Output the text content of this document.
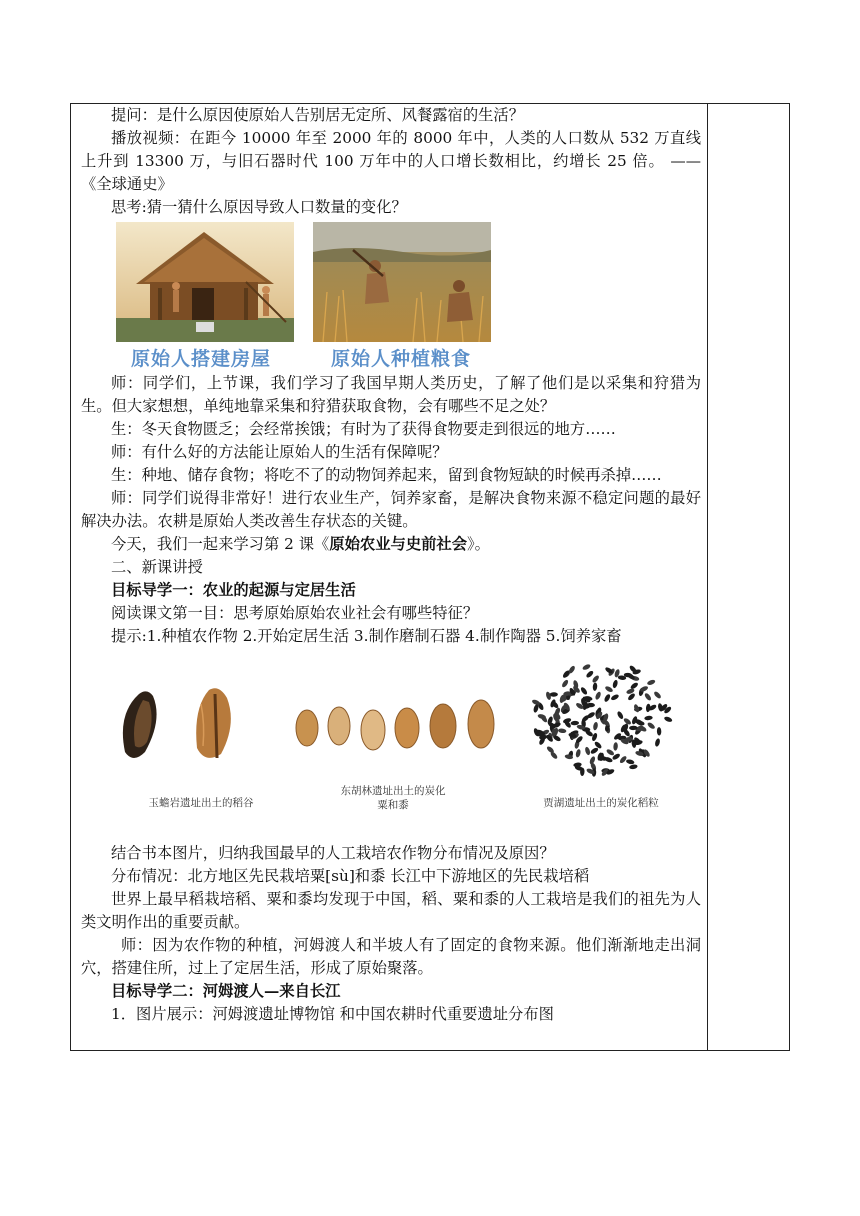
提问：是什么原因使原始人告别居无定所、风餐露宿的生活？

播放视频：在距今 10000 年至 2000 年的 8000 年中，人类的人口数从 532 万直线上升到 13300 万，与旧石器时代 100 万年中的人口增长数相比，约增长 25 倍。 ——《全球通史》

思考:猜一猜什么原因导致人口数量的变化？

原始人搭建房屋	原始人种植粮食

师：同学们，上节课，我们学习了我国早期人类历史，了解了他们是以采集和狩猎为生。但大家想想，单纯地靠采集和狩猎获取食物，会有哪些不足之处？

生：冬天食物匮乏；会经常挨饿；有时为了获得食物要走到很远的地方……

师：有什么好的方法能让原始人的生活有保障呢？

生：种地、储存食物；将吃不了的动物饲养起来，留到食物短缺的时候再杀掉……

师：同学们说得非常好！进行农业生产，饲养家畜，是解决食物来源不稳定问题的最好解决办法。农耕是原始人类改善生存状态的关键。

今天，我们一起来学习第 2 课《原始农业与史前社会》。

二、新课讲授

目标导学一：农业的起源与定居生活

阅读课文第一目：思考原始原始农业社会有哪些特征？

提示:1.种植农作物 2.开始定居生活 3.制作磨制石器 4.制作陶器 5.饲养家畜

玉蟾岩遗址出土的稻谷
东胡林遗址出土的炭化
粟和黍	贾湖遗址出土的炭化稻粒

结合书本图片，归纳我国最早的人工栽培农作物分布情况及原因？

分布情况：北方地区先民栽培粟[sù]和黍 长江中下游地区的先民栽培稻

世界上最早稻栽培稻、粟和黍均发现于中国，稻、粟和黍的人工栽培是我们的祖先为人类文明作出的重要贡献。

师：因为农作物的种植，河姆渡人和半坡人有了固定的食物来源。他们渐渐地走出洞穴，搭建住所，过上了定居生活，形成了原始聚落。

目标导学二：河姆渡人—来自长江

1．图片展示：河姆渡遗址博物馆 和中国农耕时代重要遗址分布图
